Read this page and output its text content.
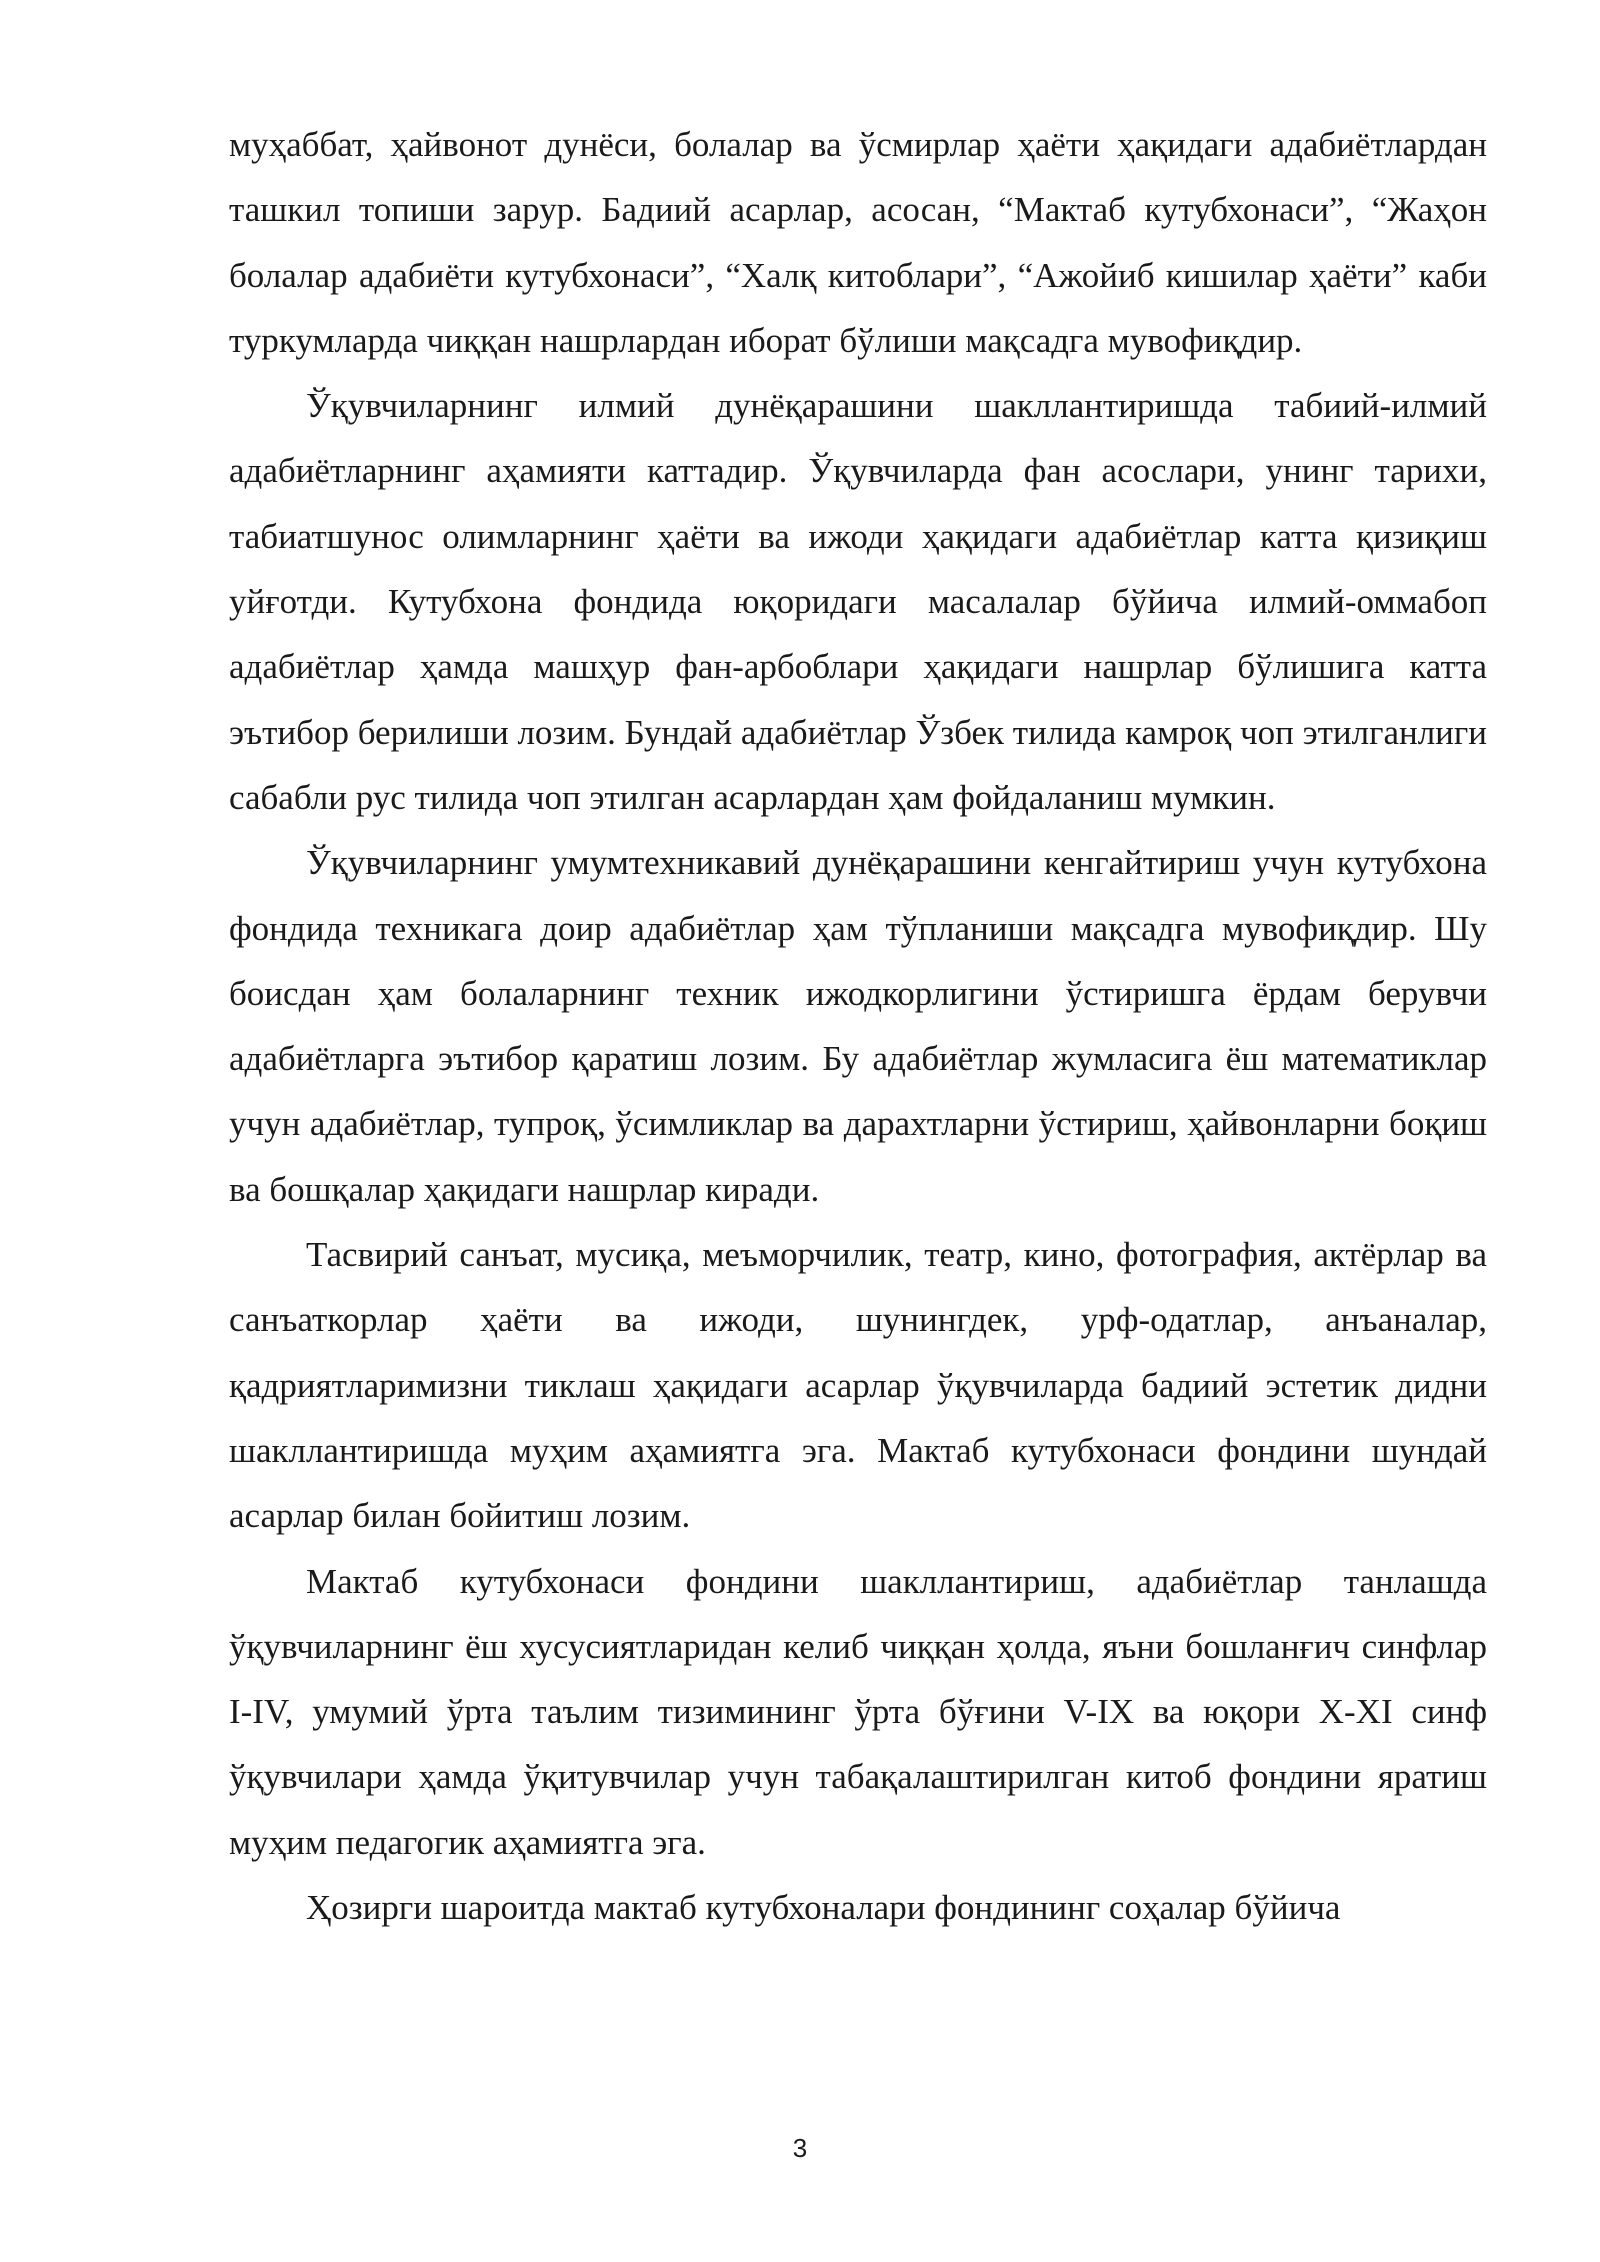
муҳаббат, ҳайвонот дунёси, болалар ва ўсмирлар ҳаёти ҳақидаги адабиётлардан ташкил топиши зарур. Бадиий асарлар, асосан, “Мактаб кутубхонаси”, “Жаҳон болалар адабиёти кутубхонаси”, “Халқ китоблари”, “Ажойиб кишилар ҳаёти” каби туркумларда чиққан нашрлардан иборат бўлиши мақсадга мувофиқдир.

Ўқувчиларнинг илмий дунёқарашини шакллантиришда табиий-илмий адабиётларнинг аҳамияти каттадир. Ўқувчиларда фан асослари, унинг тарихи, табиатшунос олимларнинг ҳаёти ва ижоди ҳақидаги адабиётлар катта қизиқиш уйғотди. Кутубхона фондида юқоридаги масалалар бўйича илмий-оммабоп адабиётлар ҳамда машҳур фан-арбоблари ҳақидаги нашрлар бўлишига катта эътибор берилиши лозим. Бундай адабиётлар Ўзбек тилида камроқ чоп этилганлиги сабабли рус тилида чоп этилган асарлардан ҳам фойдаланиш мумкин.

Ўқувчиларнинг умумтехникавий дунёқарашини кенгайтириш учун кутубхона фондида техникага доир адабиётлар ҳам тўпланиши мақсадга мувофиқдир. Шу боисдан ҳам болаларнинг техник ижодкорлигини ўстиришга ёрдам берувчи адабиётларга эътибор қаратиш лозим. Бу адабиётлар жумласига ёш математиклар учун адабиётлар, тупроқ, ўсимликлар ва дарахтларни ўстириш, ҳайвонларни боқиш ва бошқалар ҳақидаги нашрлар киради.

Тасвирий санъат, мусиқа, меъморчилик, театр, кино, фотография, актёрлар ва санъаткорлар ҳаёти ва ижоди, шунингдек, урф-одатлар, анъаналар, қадриятларимизни тиклаш ҳақидаги асарлар ўқувчиларда бадиий эстетик дидни шакллантиришда муҳим аҳамиятга эга. Мактаб кутубхонаси фондини шундай асарлар билан бойитиш лозим.

Мактаб кутубхонаси фондини шакллантириш, адабиётлар танлашда ўқувчиларнинг ёш хусусиятларидан келиб чиққан ҳолда, яъни бошланғич синфлар I-IV, умумий ўрта таълим тизимининг ўрта бўғини V-IX ва юқори X-XI синф ўқувчилари ҳамда ўқитувчилар учун табақалаштирилган китоб фондини яратиш муҳим педагогик аҳамиятга эга.

Ҳозирги шароитда мактаб кутубхоналари фондининг соҳалар бўйича

3
